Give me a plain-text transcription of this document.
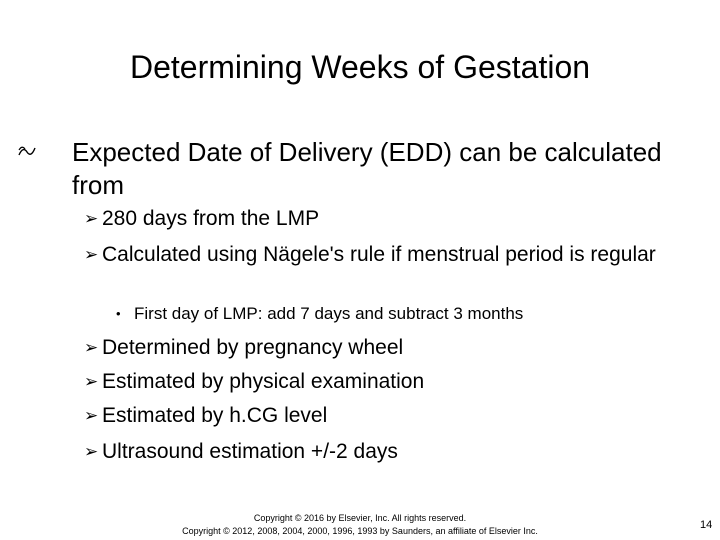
Determining Weeks of Gestation
Expected Date of Delivery (EDD) can be calculated from
➢ 280 days from the LMP
➢ Calculated using Nägele's rule if menstrual period is regular
• First day of LMP: add 7 days and subtract 3 months
➢ Determined by pregnancy wheel
➢ Estimated by physical examination
➢ Estimated by h.CG level
➢ Ultrasound estimation +/-2 days
Copyright © 2016 by Elsevier, Inc. All rights reserved.
Copyright © 2012, 2008, 2004, 2000, 1996, 1993 by Saunders, an affiliate of Elsevier Inc.	14
